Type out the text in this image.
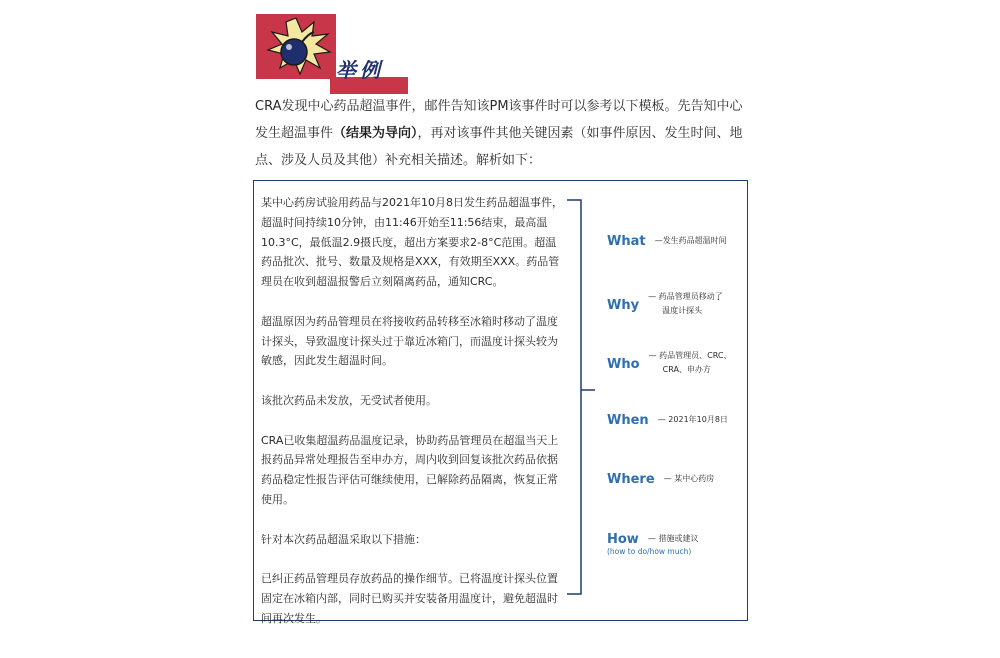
举例
CRA发现中心药品超温事件，邮件告知该PM该事件时可以参考以下模板。先告知中心发生超温事件（结果为导向），再对该事件其他关键因素（如事件原因、发生时间、地点、涉及人员及其他）补充相关描述。解析如下：

某中心药房试验用药品与2021年10月8日发生药品超温事件，超温时间持续10分钟，由11:46开始至11:56结束，最高温10.3°C，最低温2.9摄氏度，超出方案要求2-8°C范围。超温药品批次、批号、数量及规格是XXX，有效期至XXX。药品管理员在收到超温报警后立刻隔离药品，通知CRC。

超温原因为药品管理员在将接收药品转移至冰箱时移动了温度计探头，导致温度计探头过于靠近冰箱门，而温度计探头较为敏感，因此发生超温时间。

该批次药品未发放，无受试者使用。

CRA已收集超温药品温度记录，协助药品管理员在超温当天上报药品异常处理报告至申办方，周内收到回复该批次药品依据药品稳定性报告评估可继续使用，已解除药品隔离，恢复正常使用。

针对本次药品超温采取以下措施：

已纠正药品管理员存放药品的操作细节。已将温度计探头位置固定在冰箱内部，同时已购买并安装备用温度计，避免超温时间再次发生。

What —发生药品超温时间
Why — 药品管理员移动了
温度计探头
Who — 药品管理员、CRC、
CRA、申办方
When — 2021年10月8日
Where — 某中心药房
How — 措施或建议
(how to do/how much)
